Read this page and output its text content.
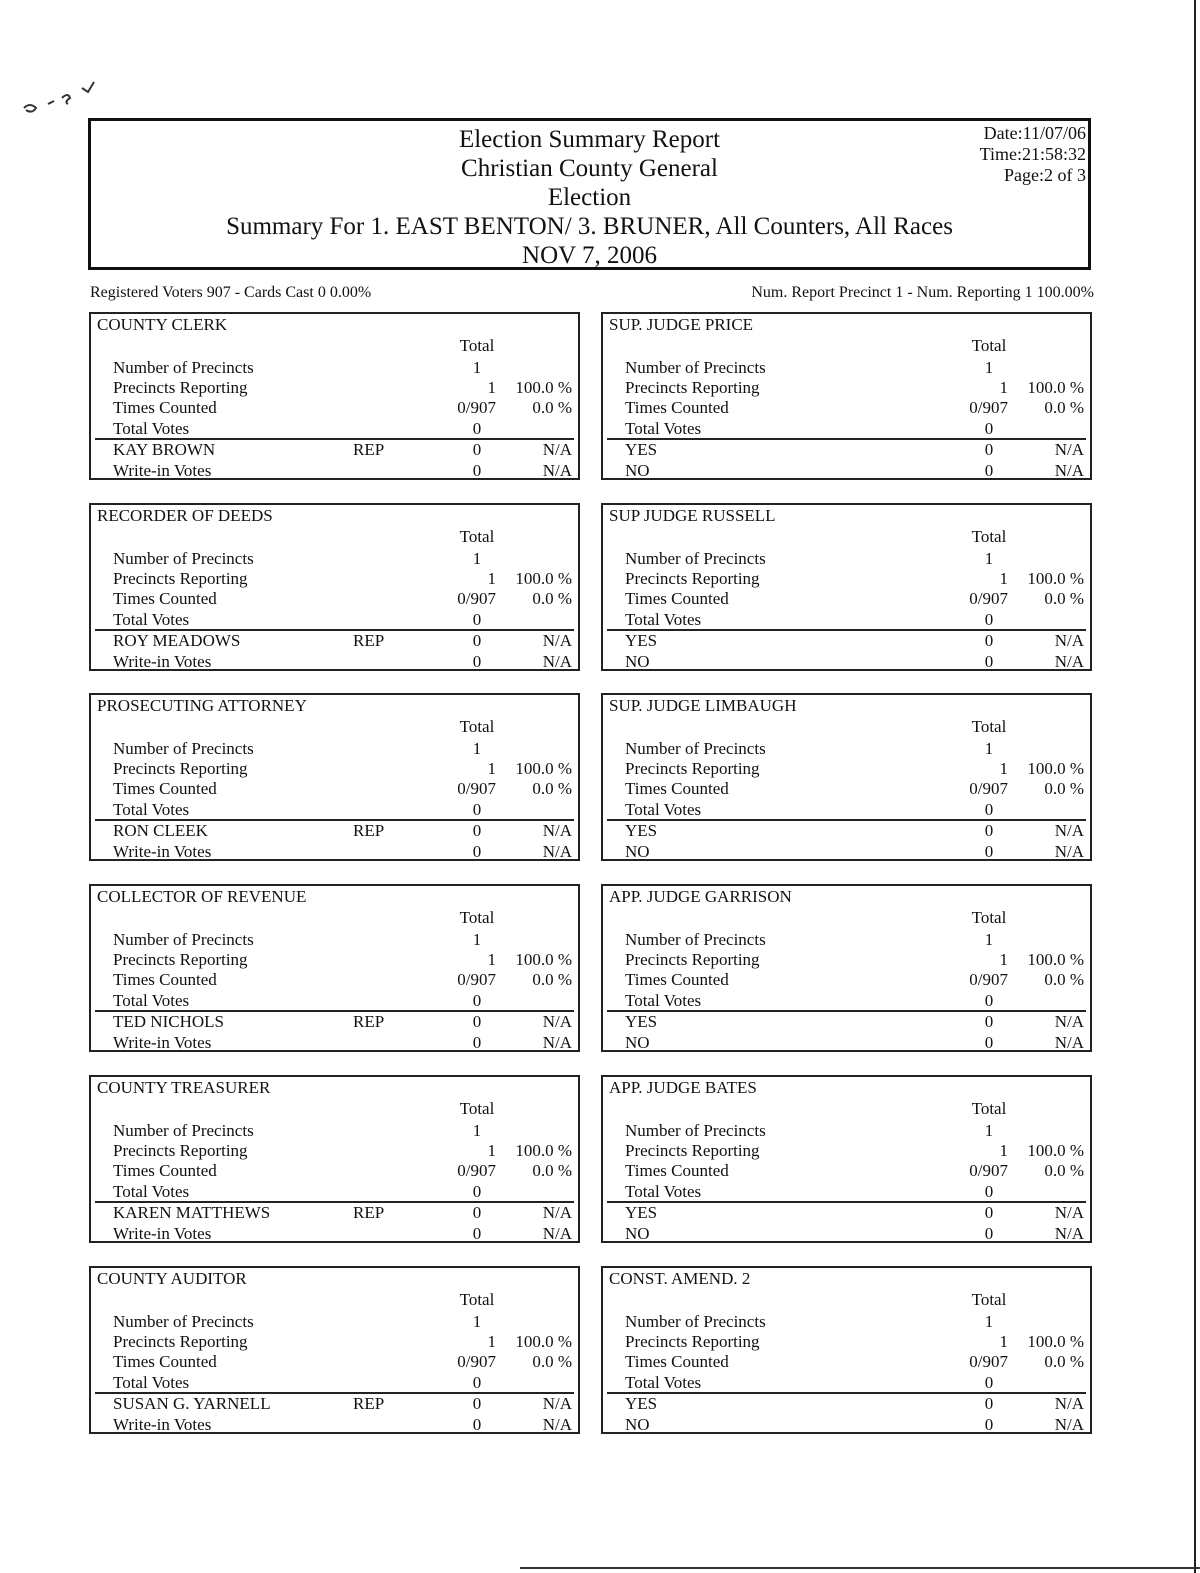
Election Summary Report
Christian County General
Election
Summary For 1. EAST BENTON/ 3. BRUNER, All Counters, All Races
NOV 7, 2006
Date:11/07/06
Time:21:58:32
Page:2 of 3
Registered Voters 907 - Cards Cast 0 0.00%	Num. Report Precinct 1 - Num. Reporting 1 100.00%
COUNTY CLERK
Total
Number of Precincts	1
Precincts Reporting	1 100.0 %
Times Counted	0/907 0.0 %
Total Votes	0
KAY BROWN	REP	0	N/A
Write-in Votes	0	N/A
SUP. JUDGE PRICE
Total
Number of Precincts	1
Precincts Reporting	1 100.0 %
Times Counted	0/907 0.0 %
Total Votes	0
YES	0	N/A
NO	0	N/A
RECORDER OF DEEDS
Total
Number of Precincts	1
Precincts Reporting	1 100.0 %
Times Counted	0/907 0.0 %
Total Votes	0
ROY MEADOWS	REP	0	N/A
Write-in Votes	0	N/A
SUP JUDGE RUSSELL
Total
Number of Precincts	1
Precincts Reporting	1 100.0 %
Times Counted	0/907 0.0 %
Total Votes	0
YES	0	N/A
NO	0	N/A
PROSECUTING ATTORNEY
Total
Number of Precincts	1
Precincts Reporting	1 100.0 %
Times Counted	0/907 0.0 %
Total Votes	0
RON CLEEK	REP	0	N/A
Write-in Votes	0	N/A
SUP. JUDGE LIMBAUGH
Total
Number of Precincts	1
Precincts Reporting	1 100.0 %
Times Counted	0/907 0.0 %
Total Votes	0
YES	0	N/A
NO	0	N/A
COLLECTOR OF REVENUE
Total
Number of Precincts	1
Precincts Reporting	1 100.0 %
Times Counted	0/907 0.0 %
Total Votes	0
TED NICHOLS	REP	0	N/A
Write-in Votes	0	N/A
APP. JUDGE GARRISON
Total
Number of Precincts	1
Precincts Reporting	1 100.0 %
Times Counted	0/907 0.0 %
Total Votes	0
YES	0	N/A
NO	0	N/A
COUNTY TREASURER
Total
Number of Precincts	1
Precincts Reporting	1 100.0 %
Times Counted	0/907 0.0 %
Total Votes	0
KAREN MATTHEWS	REP	0	N/A
Write-in Votes	0	N/A
APP. JUDGE BATES
Total
Number of Precincts	1
Precincts Reporting	1 100.0 %
Times Counted	0/907 0.0 %
Total Votes	0
YES	0	N/A
NO	0	N/A
COUNTY AUDITOR
Total
Number of Precincts	1
Precincts Reporting	1 100.0 %
Times Counted	0/907 0.0 %
Total Votes	0
SUSAN G. YARNELL	REP	0	N/A
Write-in Votes	0	N/A
CONST. AMEND. 2
Total
Number of Precincts	1
Precincts Reporting	1 100.0 %
Times Counted	0/907 0.0 %
Total Votes	0
YES	0	N/A
NO	0	N/A
